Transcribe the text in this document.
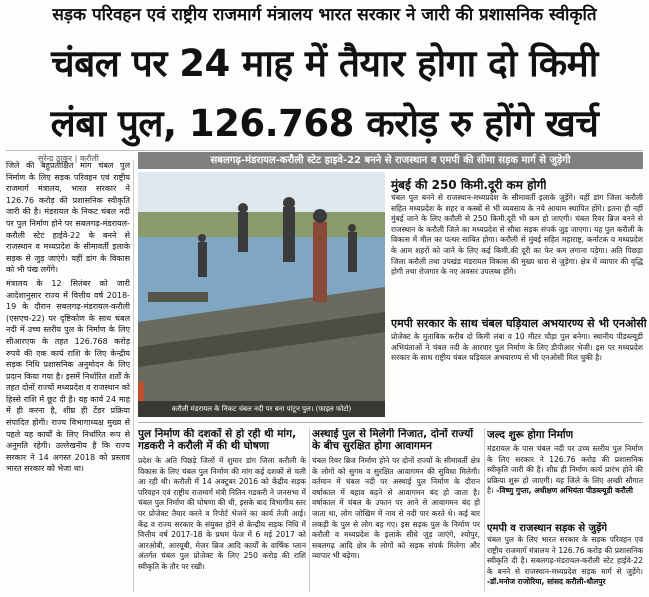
सड़क परिवहन एवं राष्ट्रीय राजमार्ग मंत्रालय भारत सरकार ने जारी की प्रशासनिक स्वीकृति
चंबल पर 24 माह में तैयार होगा दो किमी
लंबा पुल, 126.768 करोड़ रु होंगे खर्च
सुरेन्द्र ठाकुर | करौली

जिले की बहुप्रतीक्षित मांग चंबल पुल निर्माण के लिए सड़क परिवहन एवं राष्ट्रीय राजमार्ग मंत्रालय, भारत सरकार ने 126.76 करोड़ की प्रशासनिक स्वीकृति जारी की है। मंडरायल के निकट चंबल नदी पर पुल निर्माण होने पर सबलगढ़-मंडरायल-करौली स्टेट हाईवे-22 के बनने से राजस्थान व मध्यप्रदेश के सीमावर्ती इलाके सड़क से जुड़ जाएंगे। यहीं डांग के विकास को भी पंख लगेंगे।

मंत्रालय के 12 सितंबर को जारी आदेशानुसार राज्य में वित्तीय वर्ष 2018-19 के दौरान सबलगढ़-मंडरायल-करौली (एसएच-22) पर दृष्टिकोण के साथ चंबल नदी में उच्च स्तरीय पुल के निर्माण के लिए सीआरएफ के तहत 126.768 करोड़ रुपये की एक कार्य राशि के लिए केन्द्रीय सड़क निधि प्रशासनिक अनुमोदन के लिए प्रदान किया गया है। इसमें निर्धारित शर्तों के तहत दोनों राज्यों मध्यप्रदेश व राजस्थान को हिस्से राशि में छूट दी है। यह कार्य 24 माह में ही करना है, शीघ्र ही टेंडर प्रक्रिया संपादित होगी। राज्य विभागाध्यक्ष मुख्य से पहले यह कार्यों के लिए निर्धारित रूप से अनुमति रहेगी। उल्लेखनीय है कि राज्य सरकार ने 14 अगस्त 2018 को प्रस्ताव भारत सरकार को भेजा था।

सबलगढ़-मंडरायल-करौली स्टेट हाइवे-22 बनने से राजस्थान व एमपी की सीमा सड़क मार्ग से जुड़ेगी
करौली मंडरायल के निकट चंबल नदी पर बना पांटून पुल। (फाइल फोटो)
मुंबई की 250 किमी.दूरी कम होगी
चंबल पुल बनने से राजस्थान-मध्यप्रदेश के सीमावर्ती इलाके जुड़ेंगे। यहीं डांग जिला करौली सहित मध्यप्रदेश के शहर व कस्बों से भी व्यवसाय के नये आयाम स्थापित होंगे। इतना ही नहीं मुंबई जाने के लिए करौली से 250 किमी.दूरी भी कम हो जाएगी। चंबल रिवर ब्रिज बनने से राजस्थान के करौली जिले का मध्यप्रदेश से सीधा सड़क संपर्क जुड़ जाएगा। यह पुल करौली के विकास में मील का पत्थर साबित होगा। करौली से मुंबई सहित महाराष्ट्र, कर्नाटक व मध्यप्रदेश के आम शहरों को जाने के लिए कई किमी.की दूरी का फेर कम लगाना पड़ेगा। अति पिछड़ा जिला करौली तथा उपखंड मंडरायल विकास की मुख्य धारा से जुड़ेगा। क्षेत्र में व्यापार की वृद्धि होगी तथा रोजगार के नए अवसर उपलब्ध होंगे।
एमपी सरकार के साथ चंबल घड़ियाल अभयारण्य से भी एनओसी
प्रोजेक्ट के मुताबिक करीब दो किमी लंबा व 10 मीटर चौड़ा पुल बनेगा। स्थानीय पीडब्ल्यूडी अभियंताओं ने चंबल नदी के आरपार पुल निर्माण के लिए डीपीआर भेजी। इस पर मध्यप्रदेश सरकार के साथ राष्ट्रीय चंबल घड़ियाल अभयारण्य से भी एनओसी मिल चुकी है।
पुल निर्माण की दशकों से हो रही थी मांग, गडकरी ने करौली में की थी घोषणा
प्रदेश के अति पिछड़े जिलों में शुमार डांग जिला करौली के विकास के लिए चंबल पुल निर्माण की मांग कई दशकों से चली आ रही थी। करौली में 14 अक्टूबर 2016 को केंद्रीय सड़क परिवहन एवं राष्ट्रीय राजमार्ग मंत्री नितिन गडकरी ने जनसभा में चंबल पुल निर्माण की घोषणा की थी, इसके बाद विभागीय स्तर पर प्रोजेक्ट तैयार करने व रिपोर्ट भेजने का कार्य तेजी आई। केंद्र व राज्य सरकार के संयुक्त होने से केन्द्रीय सड़क निधि में वित्तीय वर्ष 2017-18 के प्रथम फेज में 6 मई 2017 को आरओबी, आरयूबी, मेजर ब्रिज आदि कार्यों के वार्षिक प्लान अंतर्गत चंबल पुल प्रोजेक्ट के लिए 250 करोड़ की राशि स्वीकृति के तौर पर रखी।
अस्थाई पुल से मिलेगी निजात, दोनों राज्यों के बीच सुरक्षित होगा आवागमन
चंबल रिवर ब्रिज निर्माण होने पर दोनों राज्यों के सीमावर्ती क्षेत्र के लोगों को सुगम व सुरक्षित आवागमन की सुविधा मिलेगी। वर्तमान में चंबल नदी पर अस्थाई पुल निर्माण के दौरान वर्षाकाल में बहाव बढ़ने से आवागमन बंद हो जाता है। वर्षाकाल में चंबल के उफान पर आने से आवागमन बंद हो जाता था, लोग जोखिम में नाव से नदी पार करते थे। कई बार लकड़ी के पुल से लोग बह गए। इस सड़क पुल के निर्माण पर करौली व मध्यप्रदेश के इलाके सीधे जुड़ जाएंगे, श्योपुर, सबलगढ़ आदि क्षेत्र के लोगों को सड़क संपर्क मिलेगा और व्यापार भी बढ़ेगा।
जल्द शुरू होगा निर्माण
मंडरायल के पास चंबल नदी पर उच्च स्तरीय पुल निर्माण के लिए सरकार ने 126.76 करोड़ की प्रशासनिक स्वीकृति जारी की है। शीघ्र ही निर्माण कार्य प्रारंभ होने की प्रक्रिया शुरू हो जाएगी। यह जिले के लिए अच्छी सौगात है। -विष्णु गुप्ता, अधीक्षण अभियंता पीडब्ल्यूडी करौली
एमपी व राजस्थान सड़क से जुड़ेंगे
चंबल पुल के लिए भारत सरकार के सड़क परिवहन एवं राष्ट्रीय राजमार्ग मंत्रालय ने 126.76 करोड़ की प्रशासनिक स्वीकृति दी है। सबलगढ़-मंडरायल-करौली स्टेट हाईवे-22 के बनने से राजस्थान-मध्यप्रदेश सड़क मार्ग से जुड़ेंगे। -डॉ.मनोज राजोरिया, सांसद करौली-धौलपुर
